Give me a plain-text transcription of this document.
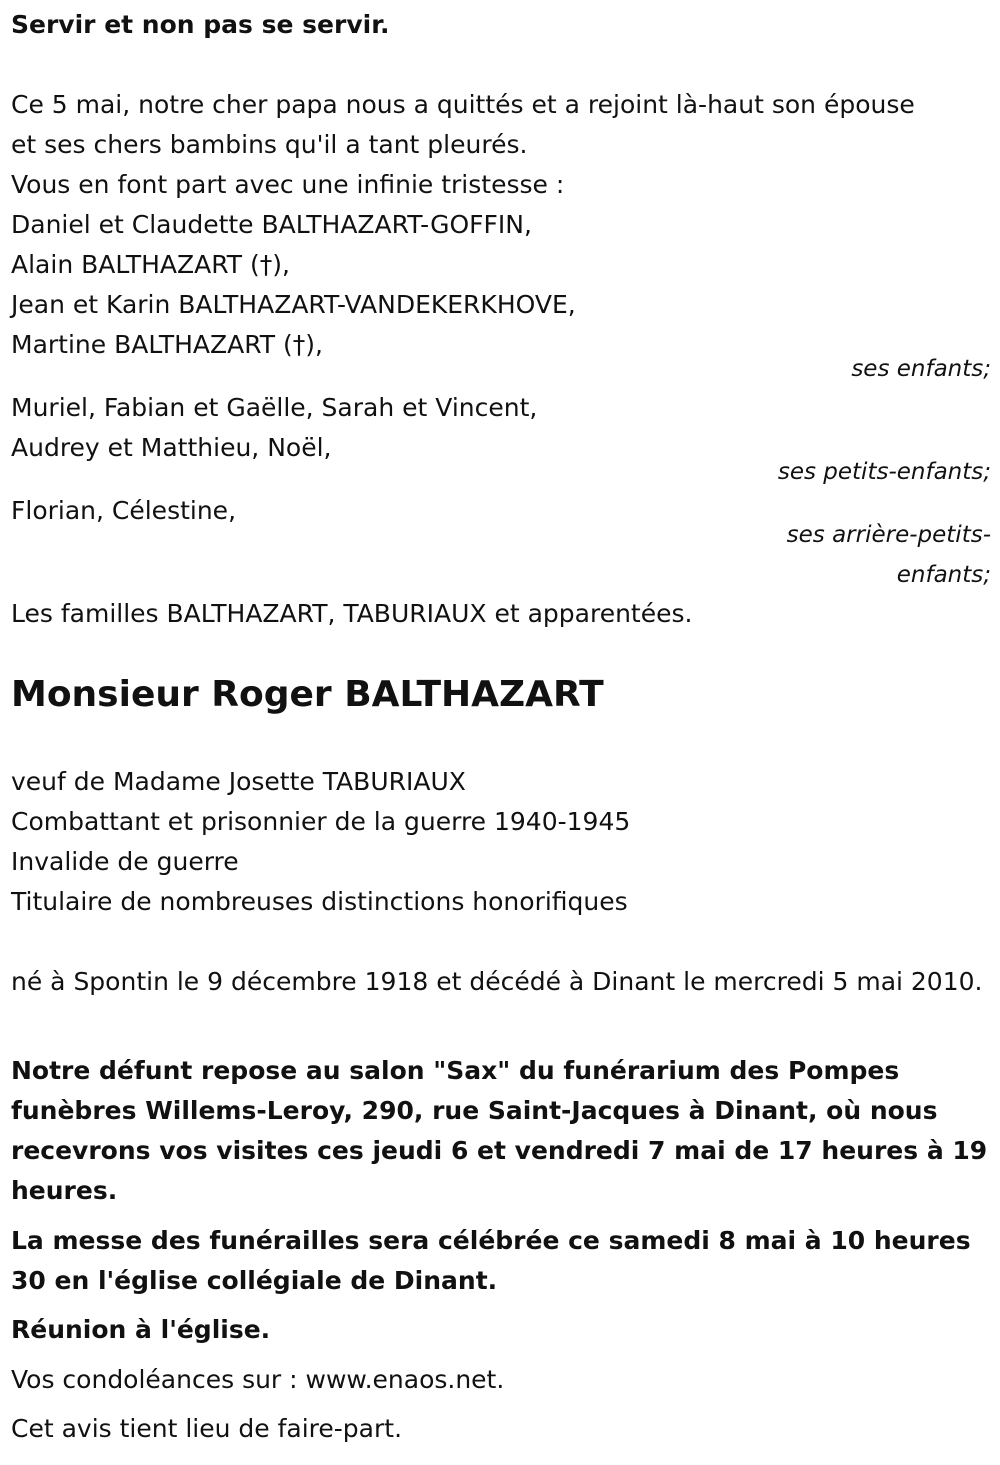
Servir et non pas se servir.
Ce 5 mai, notre cher papa nous a quittés et a rejoint là-haut son épouse
et ses chers bambins qu'il a tant pleurés.
Vous en font part avec une infinie tristesse :
Daniel et Claudette BALTHAZART-GOFFIN,
Alain BALTHAZART (†),
Jean et Karin BALTHAZART-VANDEKERKHOVE,
Martine BALTHAZART (†),
ses enfants;
Muriel, Fabian et Gaëlle, Sarah et Vincent,
Audrey et Matthieu, Noël,
ses petits-enfants;
Florian, Célestine,
ses arrière-petits-
enfants;
Les familles BALTHAZART, TABURIAUX et apparentées.
Monsieur Roger BALTHAZART
veuf de Madame Josette TABURIAUX
Combattant et prisonnier de la guerre 1940-1945
Invalide de guerre
Titulaire de nombreuses distinctions honorifiques
né à Spontin le 9 décembre 1918 et décédé à Dinant le mercredi 5 mai 2010.
Notre défunt repose au salon "Sax" du funérarium des Pompes funèbres Willems-Leroy, 290, rue Saint-Jacques à Dinant, où nous recevrons vos visites ces jeudi 6 et vendredi 7 mai de 17 heures à 19 heures.
La messe des funérailles sera célébrée ce samedi 8 mai à 10 heures 30 en l'église collégiale de Dinant.
Réunion à l'église.
Vos condoléances sur : www.enaos.net.
Cet avis tient lieu de faire-part.
